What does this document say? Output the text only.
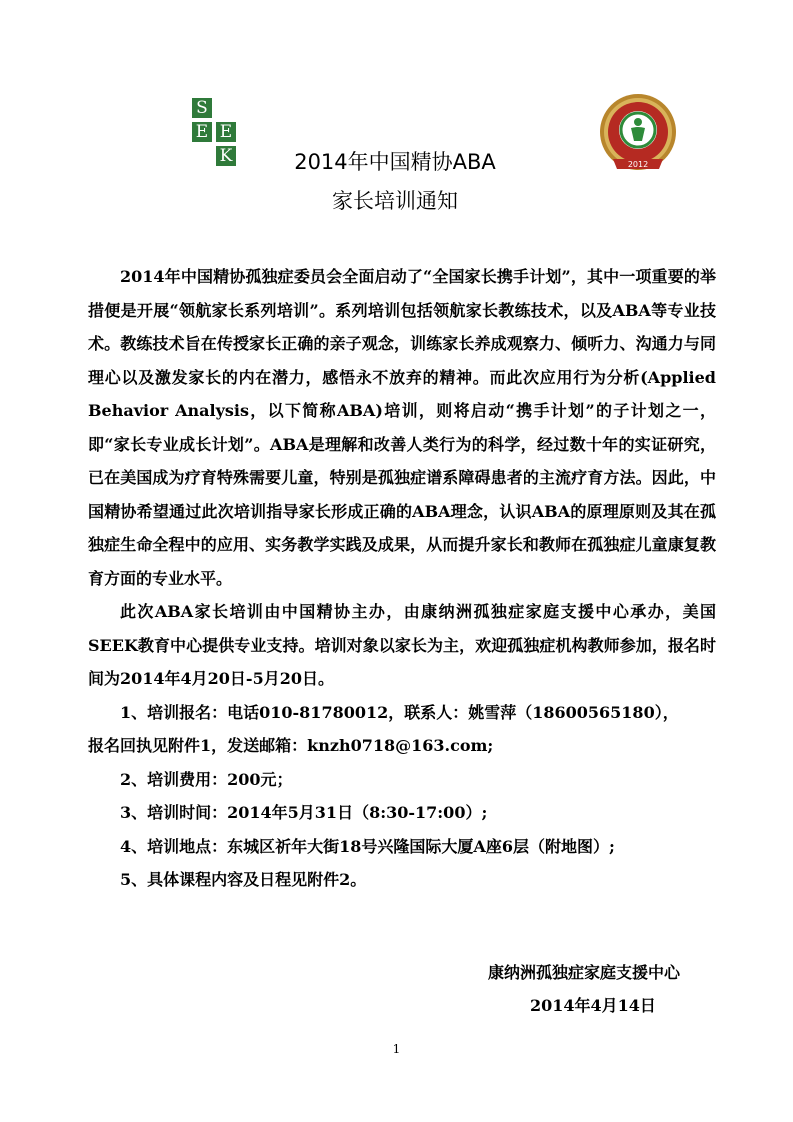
S
E E
K	2012
2014年中国精协ABA
家长培训通知

2014年中国精协孤独症委员会全面启动了“全国家长携手计划”，其中一项重要的举措便是开展“领航家长系列培训”。系列培训包括领航家长教练技术，以及ABA等专业技术。教练技术旨在传授家长正确的亲子观念，训练家长养成观察力、倾听力、沟通力与同理心以及激发家长的内在潜力，感悟永不放弃的精神。而此次应用行为分析(Applied Behavior Analysis，以下简称ABA)培训，则将启动“携手计划”的子计划之一，即“家长专业成长计划”。ABA是理解和改善人类行为的科学，经过数十年的实证研究，已在美国成为疗育特殊需要儿童，特别是孤独症谱系障碍患者的主流疗育方法。因此，中国精协希望通过此次培训指导家长形成正确的ABA理念，认识ABA的原理原则及其在孤独症生命全程中的应用、实务教学实践及成果，从而提升家长和教师在孤独症儿童康复教育方面的专业水平。

此次ABA家长培训由中国精协主办，由康纳洲孤独症家庭支援中心承办，美国SEEK教育中心提供专业支持。培训对象以家长为主，欢迎孤独症机构教师参加，报名时间为2014年4月20日-5月20日。

1、培训报名：电话010-81780012，联系人：姚雪萍（18600565180），

报名回执见附件1，发送邮箱：knzh0718@163.com;

2、培训费用：200元；

3、培训时间：2014年5月31日（8:30-17:00）;

4、培训地点：东城区祈年大街18号兴隆国际大厦A座6层（附地图）;

5、具体课程内容及日程见附件2。

康纳洲孤独症家庭支援中心
2014年4月14日
1
